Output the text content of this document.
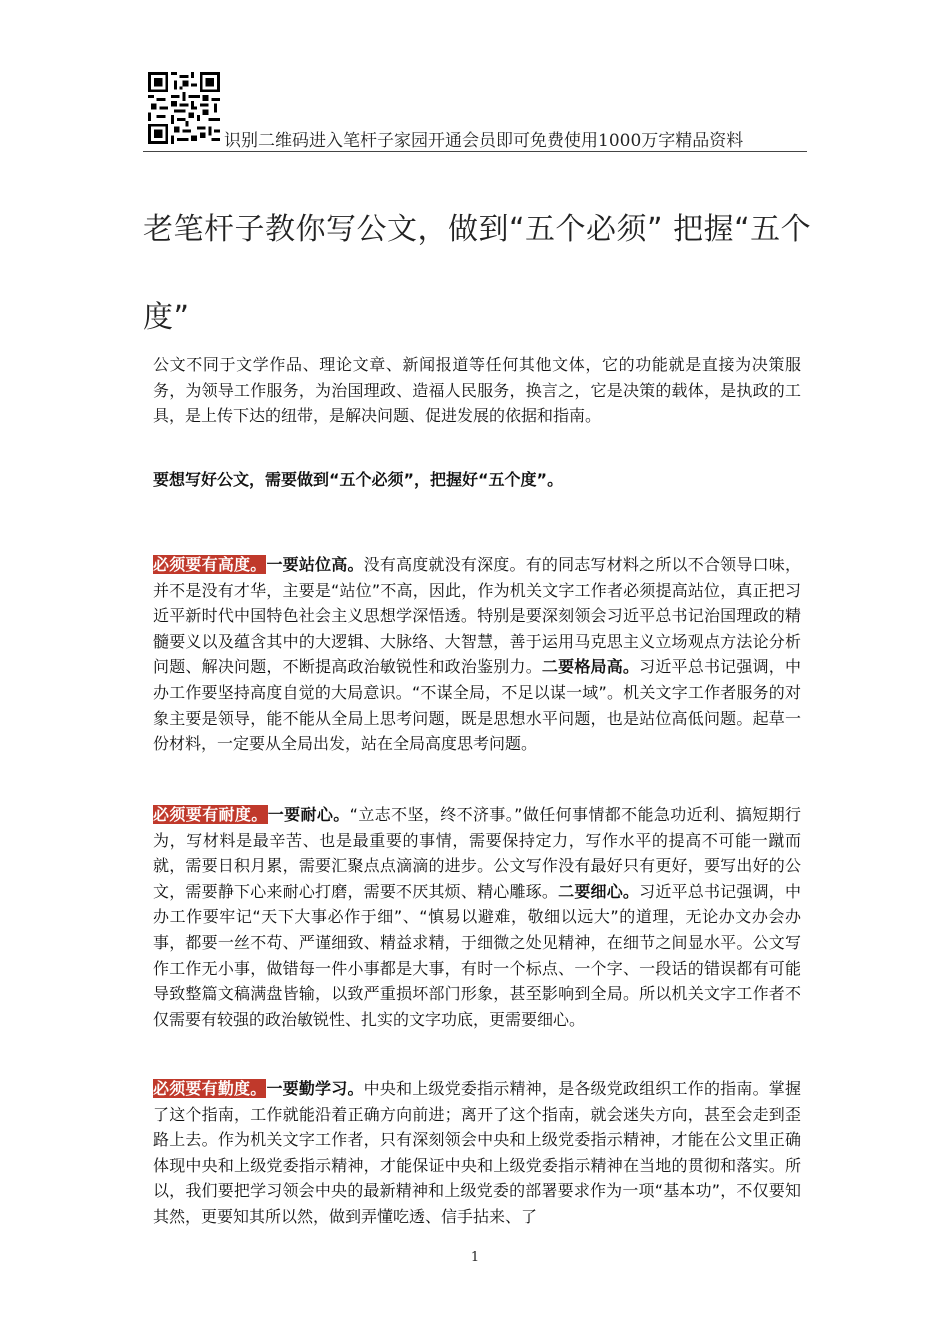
识别二维码进入笔杆子家园开通会员即可免费使用1000万字精品资料
老笔杆子教你写公文，做到“五个必须” 把握“五个度”

公文不同于文学作品、理论文章、新闻报道等任何其他文体，它的功能就是直接为决策服务，为领导工作服务，为治国理政、造福人民服务，换言之，它是决策的载体，是执政的工具，是上传下达的纽带，是解决问题、促进发展的依据和指南。

要想写好公文，需要做到“五个必须”，把握好“五个度”。

必须要有高度。一要站位高。没有高度就没有深度。有的同志写材料之所以不合领导口味，并不是没有才华，主要是“站位”不高，因此，作为机关文字工作者必须提高站位，真正把习近平新时代中国特色社会主义思想学深悟透。特别是要深刻领会习近平总书记治国理政的精髓要义以及蕴含其中的大逻辑、大脉络、大智慧，善于运用马克思主义立场观点方法论分析问题、解决问题，不断提高政治敏锐性和政治鉴别力。二要格局高。习近平总书记强调，中办工作要坚持高度自觉的大局意识。“不谋全局，不足以谋一域”。机关文字工作者服务的对象主要是领导，能不能从全局上思考问题，既是思想水平问题，也是站位高低问题。起草一份材料，一定要从全局出发，站在全局高度思考问题。

必须要有耐度。一要耐心。“立志不坚，终不济事。”做任何事情都不能急功近利、搞短期行为，写材料是最辛苦、也是最重要的事情，需要保持定力，写作水平的提高不可能一蹴而就，需要日积月累，需要汇聚点点滴滴的进步。公文写作没有最好只有更好，要写出好的公文，需要静下心来耐心打磨，需要不厌其烦、精心雕琢。二要细心。习近平总书记强调，中办工作要牢记“天下大事必作于细”、“慎易以避难，敬细以远大”的道理，无论办文办会办事，都要一丝不苟、严谨细致、精益求精，于细微之处见精神，在细节之间显水平。公文写作工作无小事，做错每一件小事都是大事，有时一个标点、一个字、一段话的错误都有可能导致整篇文稿满盘皆输，以致严重损坏部门形象，甚至影响到全局。所以机关文字工作者不仅需要有较强的政治敏锐性、扎实的文字功底，更需要细心。

必须要有勤度。一要勤学习。中央和上级党委指示精神，是各级党政组织工作的指南。掌握了这个指南，工作就能沿着正确方向前进；离开了这个指南，就会迷失方向，甚至会走到歪路上去。作为机关文字工作者，只有深刻领会中央和上级党委指示精神，才能在公文里正确体现中央和上级党委指示精神，才能保证中央和上级党委指示精神在当地的贯彻和落实。所以，我们要把学习领会中央的最新精神和上级党委的部署要求作为一项“基本功”，不仅要知其然，更要知其所以然，做到弄懂吃透、信手拈来、了

1
